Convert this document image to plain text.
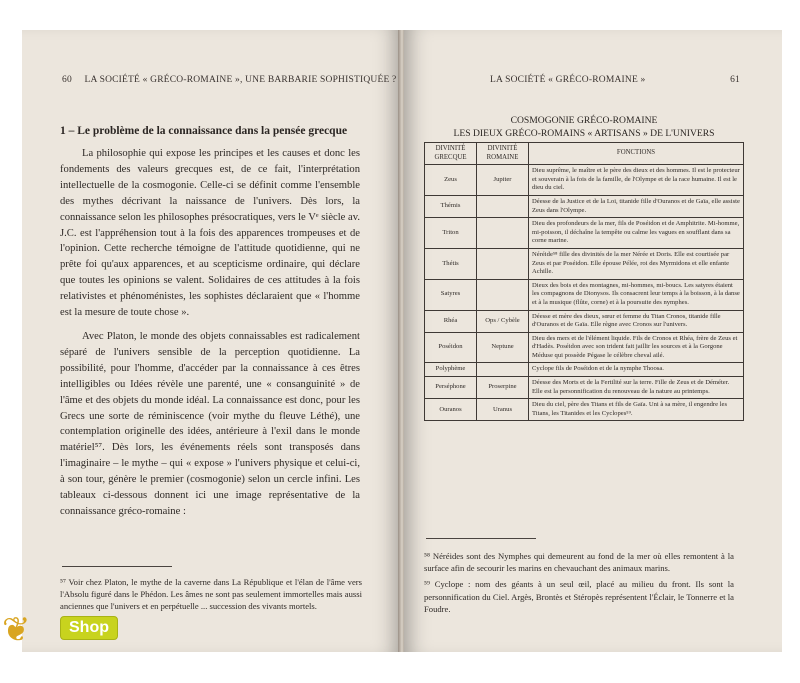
60 LA SOCIÉTÉ « GRÉCO-ROMAINE », UNE BARBARIE SOPHISTIQUÉE ?
1 – Le problème de la connaissance dans la pensée grecque

La philosophie qui expose les principes et les causes et donc les fondements des valeurs grecques est, de ce fait, l'interprétation intellectuelle de la cosmogonie. Celle-ci se définit comme l'ensemble des mythes décrivant la naissance de l'univers. Dès lors, la connaissance selon les philosophes présocratiques, vers le Vᵉ siècle av. J.C. est l'appréhension tout à la fois des apparences trompeuses et de l'opinion. Cette recherche témoigne de l'attitude quotidienne, qui ne prête foi qu'aux apparences, et au scepticisme ordinaire, qui déclare que toutes les opinions se valent. Solidaires de ces attitudes à la fois relativistes et phénoménistes, les sophistes déclaraient que « l'homme est la mesure de toute chose ».

Avec Platon, le monde des objets connaissables est radicalement séparé de l'univers sensible de la perception quotidienne. La possibilité, pour l'homme, d'accéder par la connaissance à ces êtres intelligibles ou Idées révèle une parenté, une « consanguinité » de l'âme et des objets du monde idéal. La connaissance est donc, pour les Grecs une sorte de réminiscence (voir mythe du fleuve Léthé), une contemplation originelle des idées, antérieure à l'exil dans le monde matériel⁵⁷. Dès lors, les événements réels sont transposés dans l'imaginaire – le mythe – qui « expose » l'univers physique et celui-ci, à son tour, génère le premier (cosmogonie) selon un cercle infini. Les tableaux ci-dessous donnent ici une image représentative de la connaissance gréco-romaine :

⁵⁷ Voir chez Platon, le mythe de la caverne dans La République et l'élan de l'âme vers l'Absolu figuré dans le Phédon. Les âmes ne sont pas seulement immortelles mais aussi anciennes que l'univers et en perpétuelle ... succession des vivants mortels.
LA SOCIÉTÉ « GRÉCO-ROMAINE »	61
COSMOGONIE GRÉCO-ROMAINE
LES DIEUX GRÉCO-ROMAINS « ARTISANS » DE L'UNIVERS
DIVINITÉ GRECQUE	DIVINITÉ ROMAINE	FONCTIONS
Zeus	Jupiter	Dieu suprême, le maître et le père des dieux et des hommes. Il est le protecteur et souverain à la fois de la famille, de l'Olympe et de la race humaine. Il est le dieu du ciel.
Thémis		Déesse de la Justice et de la Loi, titanide fille d'Ouranos et de Gaïa, elle assiste Zeus dans l'Olympe.
Triton		Dieu des profondeurs de la mer, fils de Poséidon et de Amphitrite. Mi-homme, mi-poisson, il déchaîne la tempête ou calme les vagues en soufflant dans sa corne marine.
Thétis		Néréide⁵⁸ fille des divinités de la mer Nérée et Doris. Elle est courtisée par Zeus et par Poséidon. Elle épouse Pélée, roi des Myrmidons et elle enfante Achille.
Satyres		Dieux des bois et des montagnes, mi-hommes, mi-boucs. Les satyres étaient les compagnons de Dionysos. Ils consacrent leur temps à la boisson, à la danse et à la musique (flûte, corne) et à la poursuite des nymphes.
Rhéa	Ops / Cybèle	Déesse et mère des dieux, sœur et femme du Titan Cronos, titanide fille d'Ouranos et de Gaïa. Elle règne avec Cronos sur l'univers.
Poséidon	Neptune	Dieu des mers et de l'élément liquide. Fils de Cronos et Rhéa, frère de Zeus et d'Hadès. Poséidon avec son trident fait jaillir les sources et à la Gorgone Méduse qui possède Pégase le célèbre cheval ailé.
Polyphème		Cyclope fils de Poséidon et de la nymphe Thoosa.
Perséphone	Proserpine	Déesse des Morts et de la Fertilité sur la terre. Fille de Zeus et de Déméter. Elle est la personnification du renouveau de la nature au printemps.
Ouranos	Uranus	Dieu du ciel, père des Titans et fils de Gaïa. Uni à sa mère, il engendre les Titans, les Titanides et les Cyclopes⁵⁹.

⁵⁸ Néréides sont des Nymphes qui demeurent au fond de la mer où elles remontent à la surface afin de secourir les marins en chevauchant des animaux marins.

⁵⁹ Cyclope : nom des géants à un seul œil, placé au milieu du front. Ils sont la personnification du Ciel. Argès, Brontès et Stéropès représentent l'Éclair, le Tonnerre et la Foudre.

❦	Shop
